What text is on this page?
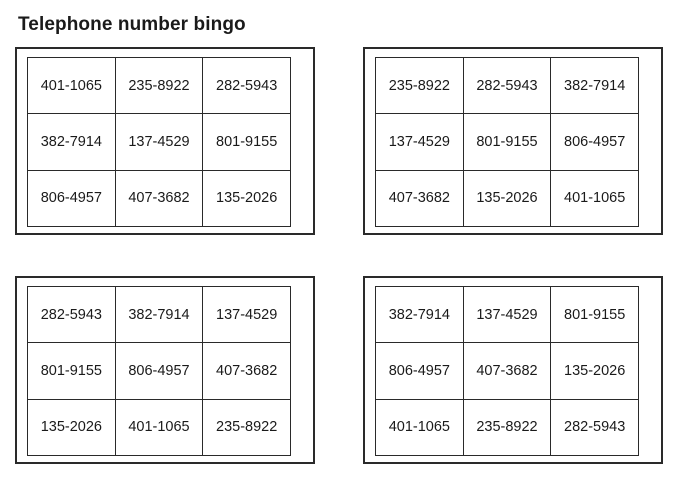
Telephone number bingo
401-1065	235-8922	282-5943
382-7914	137-4529	801-9155
806-4957	407-3682	135-2026
235-8922	282-5943	382-7914
137-4529	801-9155	806-4957
407-3682	135-2026	401-1065
282-5943	382-7914	137-4529
801-9155	806-4957	407-3682
135-2026	401-1065	235-8922
382-7914	137-4529	801-9155
806-4957	407-3682	135-2026
401-1065	235-8922	282-5943
